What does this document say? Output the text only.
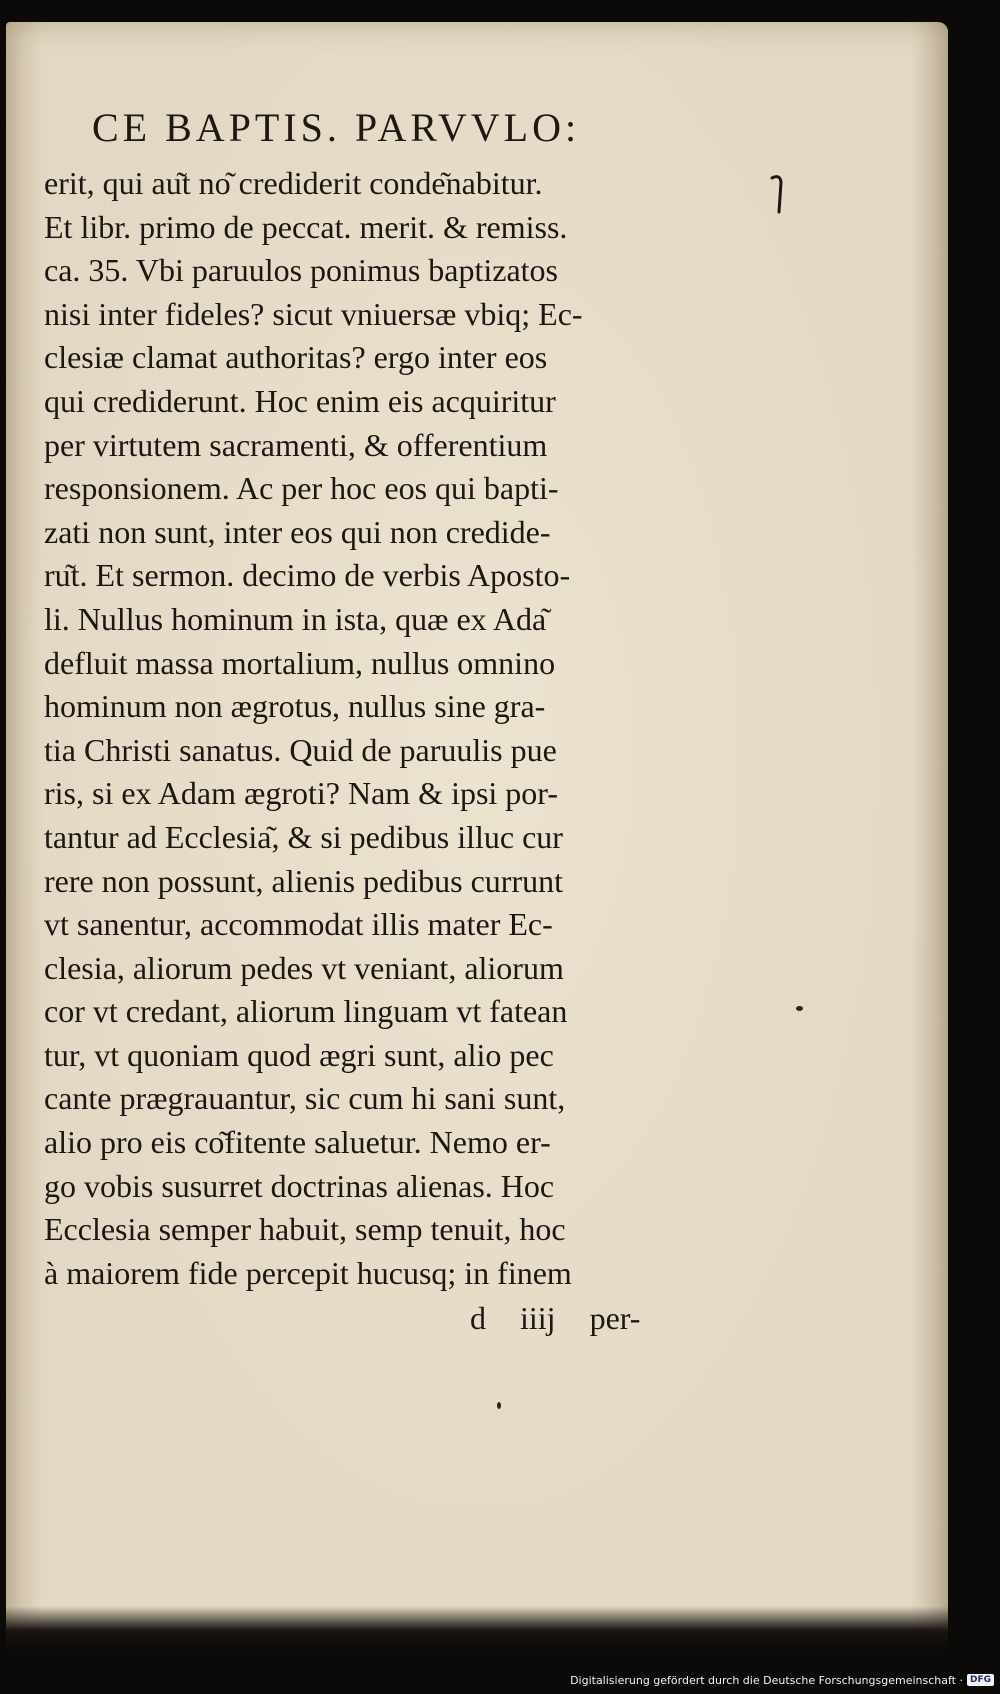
CE BAPTIS. PARVVLO:
erit, qui au͂t no͂ crediderit conde͂nabitur.
Et libr. primo de peccat. merit. & remiss.
ca. 35. Vbi paruulos ponimus baptizatos
nisi inter fideles? sicut vniuersæ vbiq; Ec-
clesiæ clamat authoritas? ergo inter eos
qui crediderunt. Hoc enim eis acquiritur
per virtutem sacramenti, & offerentium
responsionem. Ac per hoc eos qui bapti-
zati non sunt, inter eos qui non credide-
ru͂t. Et sermon. decimo de verbis Aposto-
li. Nullus hominum in ista, quæ ex Ada͂
defluit massa mortalium, nullus omnino
hominum non ægrotus, nullus sine gra-
tia Christi sanatus. Quid de paruulis pue
ris, si ex Adam ægroti? Nam & ipsi por-
tantur ad Ecclesia͂, & si pedibus illuc cur
rere non possunt, alienis pedibus currunt
vt sanentur, accommodat illis mater Ec-
clesia, aliorum pedes vt veniant, aliorum
cor vt credant, aliorum linguam vt fatean
tur, vt quoniam quod ægri sunt, alio pec
cante prægrauantur, sic cum hi sani sunt,
alio pro eis co͂fitente saluetur. Nemo er-
go vobis susurret doctrinas alienas. Hoc
Ecclesia semper habuit, semp tenuit, hoc
à maiorem fide percepit hucusq; in finem
d iiij per-
Digitalisierung gefördert durch die Deutsche Forschungsgemeinschaft · DFG
